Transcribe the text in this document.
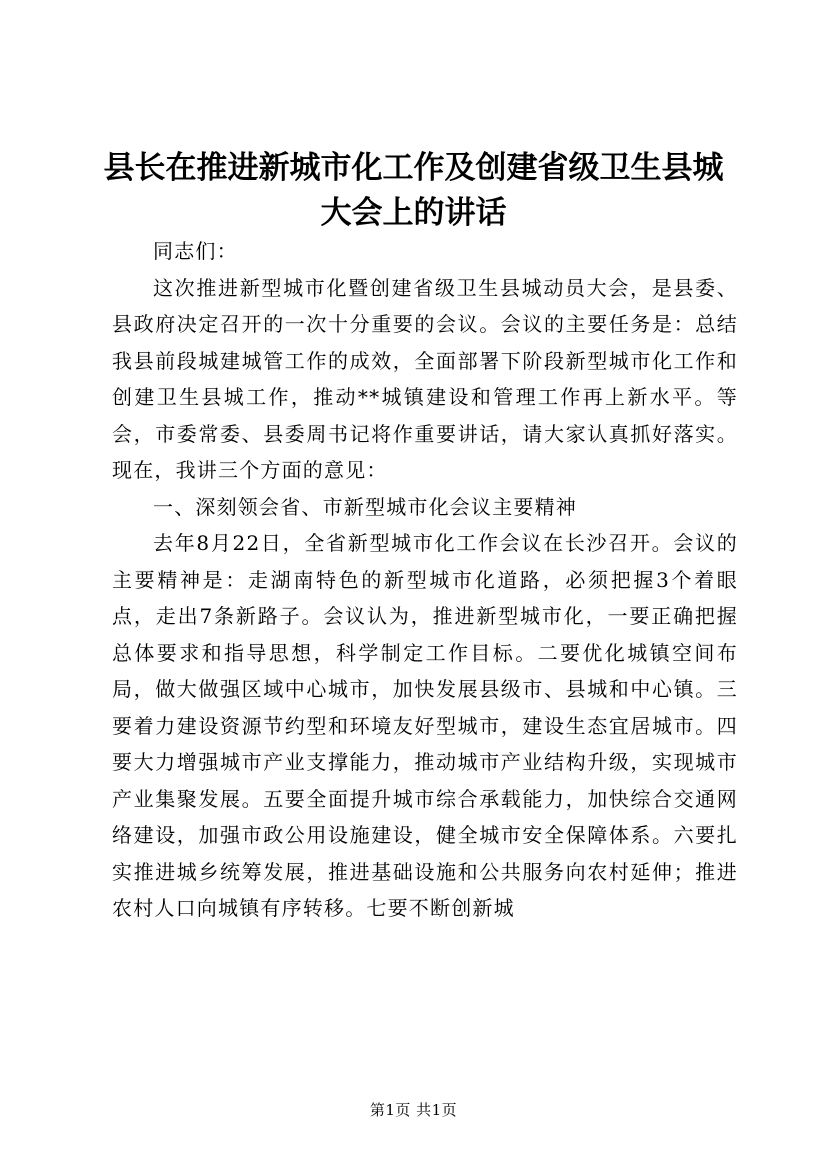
县长在推进新城市化工作及创建省级卫生县城大会上的讲话

同志们：

这次推进新型城市化暨创建省级卫生县城动员大会，是县委、县政府决定召开的一次十分重要的会议。会议的主要任务是：总结我县前段城建城管工作的成效，全面部署下阶段新型城市化工作和创建卫生县城工作，推动**城镇建设和管理工作再上新水平。等会，市委常委、县委周书记将作重要讲话，请大家认真抓好落实。现在，我讲三个方面的意见：

一、深刻领会省、市新型城市化会议主要精神

去年8月22日，全省新型城市化工作会议在长沙召开。会议的主要精神是：走湖南特色的新型城市化道路，必须把握3个着眼点，走出7条新路子。会议认为，推进新型城市化，一要正确把握总体要求和指导思想，科学制定工作目标。二要优化城镇空间布局，做大做强区域中心城市，加快发展县级市、县城和中心镇。三要着力建设资源节约型和环境友好型城市，建设生态宜居城市。四要大力增强城市产业支撑能力，推动城市产业结构升级，实现城市产业集聚发展。五要全面提升城市综合承载能力，加快综合交通网络建设，加强市政公用设施建设，健全城市安全保障体系。六要扎实推进城乡统筹发展，推进基础设施和公共服务向农村延伸；推进农村人口向城镇有序转移。七要不断创新城

第1页 共1页
